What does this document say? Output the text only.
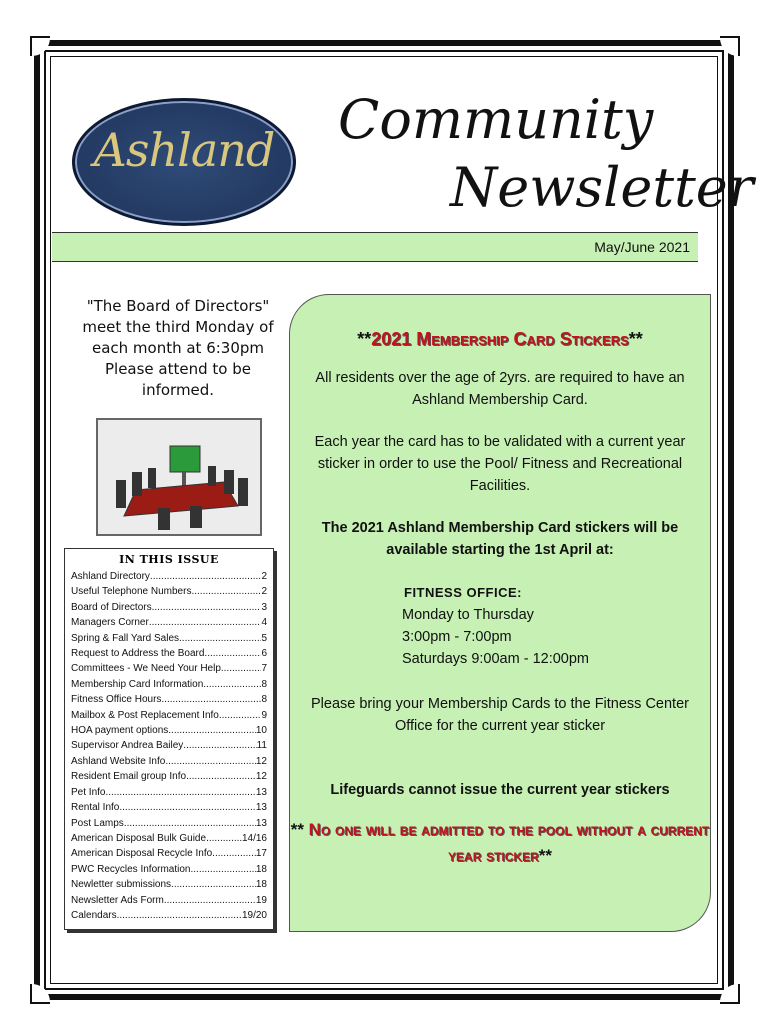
Ashland	Community
Newsletter
May/June 2021
"The Board of Directors" meet the third Monday of each month at 6:30pm Please attend to be informed.
IN THIS ISSUE
Ashland Directory .....	2
Useful Telephone Numbers .....	2
Board of Directors .....	3
Managers Corner .....	4
Spring & Fall Yard Sales .....	5
Request to Address the Board .....	6
Committees - We Need Your Help .....	7
Membership Card Information .....	8
Fitness Office Hours .....	8
Mailbox & Post Replacement Info .....	9
HOA payment options .....	10
Supervisor Andrea Bailey .....	11
Ashland Website Info .....	12
Resident Email group Info .....	12
Pet Info .....	13
Rental Info .....	13
Post Lamps .....	13
American Disposal Bulk Guide .....	14/16
American Disposal Recycle Info .....	17
PWC Recycles Information .....	18
Newletter submissions .....	18
Newsletter Ads Form .....	19
Calendars .....	19/20
**2021 Membership Card Stickers**
All residents over the age of 2yrs. are required to have an Ashland Membership Card.
Each year the card has to be validated with a current year sticker in order to use the Pool/ Fitness and Recreational Facilities.
The 2021 Ashland Membership Card stickers will be available starting the 1st April at:
FITNESS OFFICE:
Monday to Thursday
3:00pm - 7:00pm
Saturdays 9:00am - 12:00pm
Please bring your Membership Cards to the Fitness Center Office for the current year sticker
Lifeguards cannot issue the current year stickers
** No one will be admitted to the pool without a current year sticker**
